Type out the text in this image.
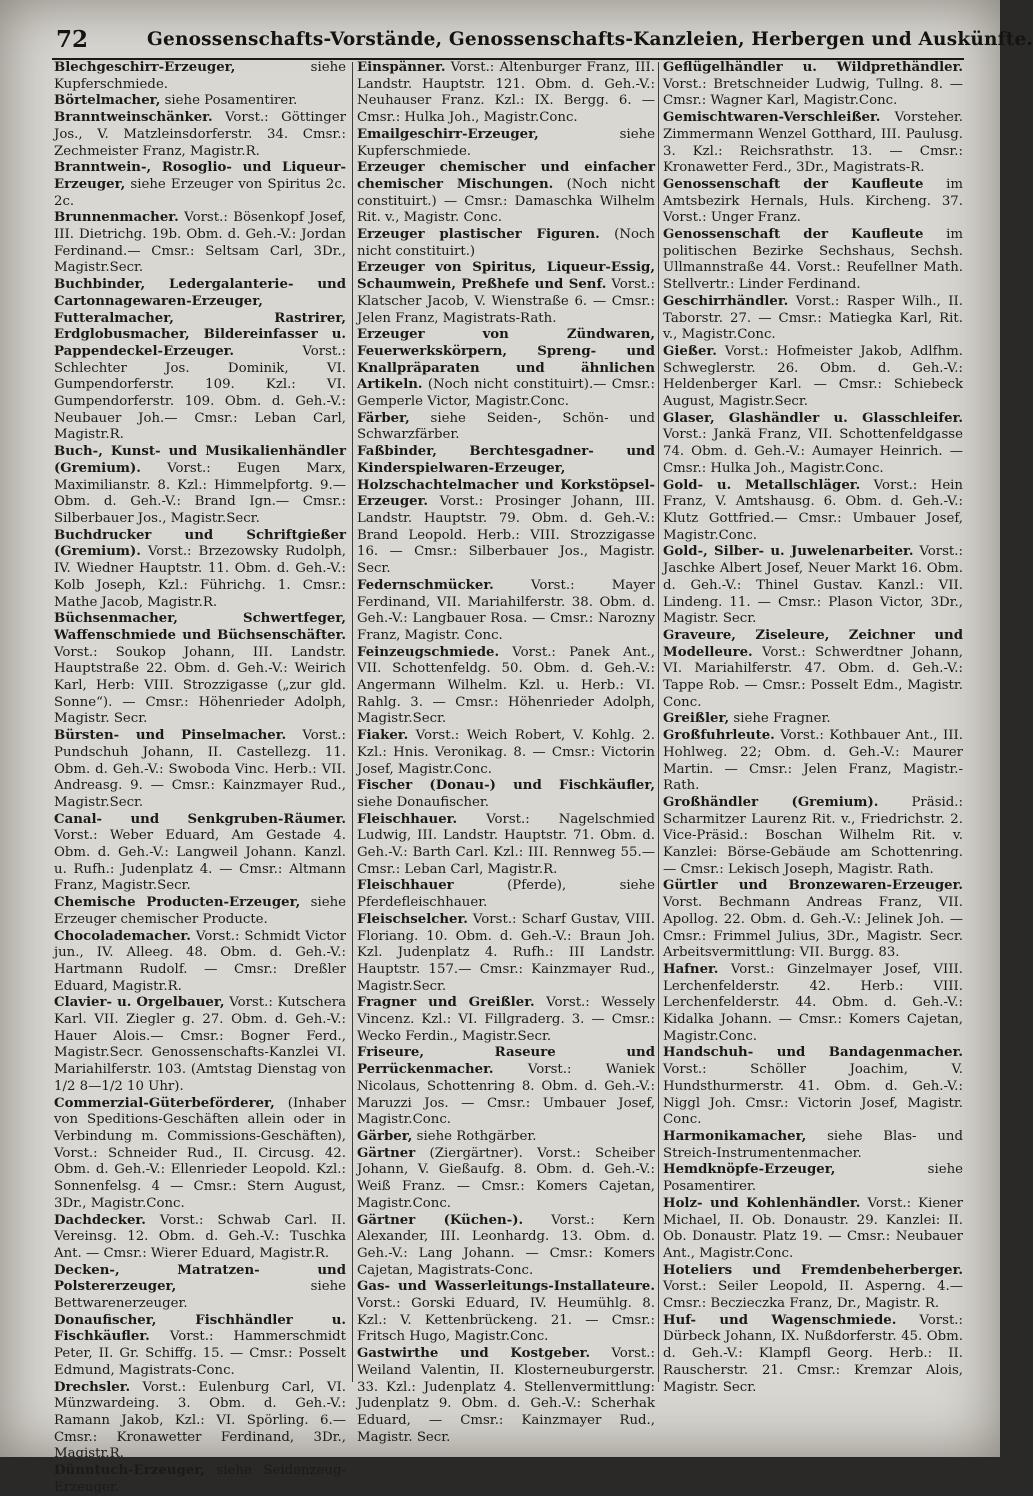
72	Genossenschafts-Vorstände, Genossenschafts-Kanzleien, Herbergen und Auskünfte.

Blechgeschirr-Erzeuger, siehe Kupferschmiede.

Börtelmacher, siehe Posamentirer.

Branntweinschänker. Vorst.: Göttinger Jos., V. Matzleinsdorferstr. 34. Cmsr.: Zechmeister Franz, Magistr.R.

Branntwein-, Rosoglio- und Liqueur-Erzeuger, siehe Erzeuger von Spiritus 2c. 2c.

Brunnenmacher. Vorst.: Bösenkopf Josef, III. Dietrichg. 19b. Obm. d. Geh.-V.: Jordan Ferdinand.— Cmsr.: Seltsam Carl, 3Dr., Magistr.Secr.

Buchbinder, Ledergalanterie- und Cartonnagewaren-Erzeuger, Futteralmacher, Rastrirer, Erdglobusmacher, Bildereinfasser u. Pappendeckel-Erzeuger. Vorst.: Schlechter Jos. Dominik, VI. Gumpendorferstr. 109. Kzl.: VI. Gumpendorferstr. 109. Obm. d. Geh.-V.: Neubauer Joh.— Cmsr.: Leban Carl, Magistr.R.

Buch-, Kunst- und Musikalienhändler (Gremium). Vorst.: Eugen Marx, Maximilianstr. 8. Kzl.: Himmelpfortg. 9.— Obm. d. Geh.-V.: Brand Ign.— Cmsr.: Silberbauer Jos., Magistr.Secr.

Buchdrucker und Schriftgießer (Gremium). Vorst.: Brzezowsky Rudolph, IV. Wiedner Hauptstr. 11. Obm. d. Geh.-V.: Kolb Joseph, Kzl.: Führichg. 1. Cmsr.: Mathe Jacob, Magistr.R.

Büchsenmacher, Schwertfeger, Waffenschmiede und Büchsenschäfter. Vorst.: Soukop Johann, III. Landstr. Hauptstraße 22. Obm. d. Geh.-V.: Weirich Karl, Herb: VIII. Strozzigasse („zur gld. Sonne“). — Cmsr.: Höhenrieder Adolph, Magistr. Secr.

Bürsten- und Pinselmacher. Vorst.: Pundschuh Johann, II. Castellezg. 11. Obm. d. Geh.-V.: Swoboda Vinc. Herb.: VII. Andreasg. 9. — Cmsr.: Kainzmayer Rud., Magistr.Secr.

Canal- und Senkgruben-Räumer. Vorst.: Weber Eduard, Am Gestade 4. Obm. d. Geh.-V.: Langweil Johann. Kanzl. u. Rufh.: Judenplatz 4. — Cmsr.: Altmann Franz, Magistr.Secr.

Chemische Producten-Erzeuger, siehe Erzeuger chemischer Producte.

Chocolademacher. Vorst.: Schmidt Victor jun., IV. Alleeg. 48. Obm. d. Geh.-V.: Hartmann Rudolf. — Cmsr.: Dreßler Eduard, Magistr.R.

Clavier- u. Orgelbauer, Vorst.: Kutschera Karl. VII. Ziegler g. 27. Obm. d. Geh.-V.: Hauer Alois.— Cmsr.: Bogner Ferd., Magistr.Secr. Genossenschafts-Kanzlei VI. Mariahilferstr. 103. (Amtstag Dienstag von 1/2 8—1/2 10 Uhr).

Commerzial-Güterbeförderer, (Inhaber von Speditions-Geschäften allein oder in Verbindung m. Commissions-Geschäften), Vorst.: Schneider Rud., II. Circusg. 42. Obm. d. Geh.-V.: Ellenrieder Leopold. Kzl.: Sonnenfelsg. 4 — Cmsr.: Stern August, 3Dr., Magistr.Conc.

Dachdecker. Vorst.: Schwab Carl. II. Vereinsg. 12. Obm. d. Geh.-V.: Tuschka Ant. — Cmsr.: Wierer Eduard, Magistr.R.

Decken-, Matratzen- und Polstererzeuger, siehe Bettwarenerzeuger.

Donaufischer, Fischhändler u. Fischkäufler. Vorst.: Hammerschmidt Peter, II. Gr. Schiffg. 15. — Cmsr.: Posselt Edmund, Magistrats-Conc.

Drechsler. Vorst.: Eulenburg Carl, VI. Münzwardeing. 3. Obm. d. Geh.-V.: Ramann Jakob, Kzl.: VI. Spörling. 6.— Cmsr.: Kronawetter Ferdinand, 3Dr., Magistr.R.

Dünntuch-Erzeuger, siehe Seidenzeug-Erzeuger.

Einspänner. Vorst.: Altenburger Franz, III. Landstr. Hauptstr. 121. Obm. d. Geh.-V.: Neuhauser Franz. Kzl.: IX. Bergg. 6. — Cmsr.: Hulka Joh., Magistr.Conc.

Emailgeschirr-Erzeuger, siehe Kupferschmiede.

Erzeuger chemischer und einfacher chemischer Mischungen. (Noch nicht constituirt.) — Cmsr.: Damaschka Wilhelm Rit. v., Magistr. Conc.

Erzeuger plastischer Figuren. (Noch nicht constituirt.)

Erzeuger von Spiritus, Liqueur-Essig, Schaumwein, Preßhefe und Senf. Vorst.: Klatscher Jacob, V. Wienstraße 6. — Cmsr.: Jelen Franz, Magistrats-Rath.

Erzeuger von Zündwaren, Feuerwerkskörpern, Spreng- und Knallpräparaten und ähnlichen Artikeln. (Noch nicht constituirt).— Cmsr.: Gemperle Victor, Magistr.Conc.

Färber, siehe Seiden-, Schön- und Schwarzfärber.

Faßbinder, Berchtesgadner- und Kinderspielwaren-Erzeuger, Holzschachtelmacher und Korkstöpsel-Erzeuger. Vorst.: Prosinger Johann, III. Landstr. Hauptstr. 79. Obm. d. Geh.-V.: Brand Leopold. Herb.: VIII. Strozzigasse 16. — Cmsr.: Silberbauer Jos., Magistr. Secr.

Federnschmücker. Vorst.: Mayer Ferdinand, VII. Mariahilferstr. 38. Obm. d. Geh.-V.: Langbauer Rosa. — Cmsr.: Narozny Franz, Magistr. Conc.

Feinzeugschmiede. Vorst.: Panek Ant., VII. Schottenfeldg. 50. Obm. d. Geh.-V.: Angermann Wilhelm. Kzl. u. Herb.: VI. Rahlg. 3. — Cmsr.: Höhenrieder Adolph, Magistr.Secr.

Fiaker. Vorst.: Weich Robert, V. Kohlg. 2. Kzl.: Hnis. Veronikag. 8. — Cmsr.: Victorin Josef, Magistr.Conc.

Fischer (Donau-) und Fischkäufler, siehe Donaufischer.

Fleischhauer. Vorst.: Nagelschmied Ludwig, III. Landstr. Hauptstr. 71. Obm. d. Geh.-V.: Barth Carl. Kzl.: III. Rennweg 55.— Cmsr.: Leban Carl, Magistr.R.

Fleischhauer (Pferde), siehe Pferdefleischhauer.

Fleischselcher. Vorst.: Scharf Gustav, VIII. Floriang. 10. Obm. d. Geh.-V.: Braun Joh. Kzl. Judenplatz 4. Rufh.: III Landstr. Hauptstr. 157.— Cmsr.: Kainzmayer Rud., Magistr.Secr.

Fragner und Greißler. Vorst.: Wessely Vincenz. Kzl.: VI. Fillgraderg. 3. — Cmsr.: Wecko Ferdin., Magistr.Secr.

Friseure, Raseure und Perrückenmacher. Vorst.: Waniek Nicolaus, Schottenring 8. Obm. d. Geh.-V.: Maruzzi Jos. — Cmsr.: Umbauer Josef, Magistr.Conc.

Gärber, siehe Rothgärber.

Gärtner (Ziergärtner). Vorst.: Scheiber Johann, V. Gießaufg. 8. Obm. d. Geh.-V.: Weiß Franz. — Cmsr.: Komers Cajetan, Magistr.Conc.

Gärtner (Küchen-). Vorst.: Kern Alexander, III. Leonhardg. 13. Obm. d. Geh.-V.: Lang Johann. — Cmsr.: Komers Cajetan, Magistrats-Conc.

Gas- und Wasserleitungs-Installateure. Vorst.: Gorski Eduard, IV. Heumühlg. 8. Kzl.: V. Kettenbrückeng. 21. — Cmsr.: Fritsch Hugo, Magistr.Conc.

Gastwirthe und Kostgeber. Vorst.: Weiland Valentin, II. Klosterneuburgerstr. 33. Kzl.: Judenplatz 4. Stellenvermittlung: Judenplatz 9. Obm. d. Geh.-V.: Scherhak Eduard, — Cmsr.: Kainzmayer Rud., Magistr. Secr.

Geflügelhändler u. Wildprethändler. Vorst.: Bretschneider Ludwig, Tullng. 8. — Cmsr.: Wagner Karl, Magistr.Conc.

Gemischtwaren-Verschleißer. Vorsteher. Zimmermann Wenzel Gotthard, III. Paulusg. 3. Kzl.: Reichsrathstr. 13. — Cmsr.: Kronawetter Ferd., 3Dr., Magistrats-R.

Genossenschaft der Kaufleute im Amtsbezirk Hernals, Huls. Kircheng. 37. Vorst.: Unger Franz.

Genossenschaft der Kaufleute im politischen Bezirke Sechshaus, Sechsh. Ullmannstraße 44. Vorst.: Reufellner Math. Stellvertr.: Linder Ferdinand.

Geschirrhändler. Vorst.: Rasper Wilh., II. Taborstr. 27. — Cmsr.: Matiegka Karl, Rit. v., Magistr.Conc.

Gießer. Vorst.: Hofmeister Jakob, Adlfhm. Schweglerstr. 26. Obm. d. Geh.-V.: Heldenberger Karl. — Cmsr.: Schiebeck August, Magistr.Secr.

Glaser, Glashändler u. Glasschleifer. Vorst.: Jankä Franz, VII. Schottenfeldgasse 74. Obm. d. Geh.-V.: Aumayer Heinrich. — Cmsr.: Hulka Joh., Magistr.Conc.

Gold- u. Metallschläger. Vorst.: Hein Franz, V. Amtshausg. 6. Obm. d. Geh.-V.: Klutz Gottfried.— Cmsr.: Umbauer Josef, Magistr.Conc.

Gold-, Silber- u. Juwelenarbeiter. Vorst.: Jaschke Albert Josef, Neuer Markt 16. Obm. d. Geh.-V.: Thinel Gustav. Kanzl.: VII. Lindeng. 11. — Cmsr.: Plason Victor, 3Dr., Magistr. Secr.

Graveure, Ziseleure, Zeichner und Modelleure. Vorst.: Schwerdtner Johann, VI. Mariahilferstr. 47. Obm. d. Geh.-V.: Tappe Rob. — Cmsr.: Posselt Edm., Magistr. Conc.

Greißler, siehe Fragner.

Großfuhrleute. Vorst.: Kothbauer Ant., III. Hohlweg. 22; Obm. d. Geh.-V.: Maurer Martin. — Cmsr.: Jelen Franz, Magistr.-Rath.

Großhändler (Gremium). Präsid.: Scharmitzer Laurenz Rit. v., Friedrichstr. 2. Vice-Präsid.: Boschan Wilhelm Rit. v. Kanzlei: Börse-Gebäude am Schottenring. — Cmsr.: Lekisch Joseph, Magistr. Rath.

Gürtler und Bronzewaren-Erzeuger. Vorst. Bechmann Andreas Franz, VII. Apollog. 22. Obm. d. Geh.-V.: Jelinek Joh. — Cmsr.: Frimmel Julius, 3Dr., Magistr. Secr. Arbeitsvermittlung: VII. Burgg. 83.

Hafner. Vorst.: Ginzelmayer Josef, VIII. Lerchenfelderstr. 42. Herb.: VIII. Lerchenfelderstr. 44. Obm. d. Geh.-V.: Kidalka Johann. — Cmsr.: Komers Cajetan, Magistr.Conc.

Handschuh- und Bandagenmacher. Vorst.: Schöller Joachim, V. Hundsthurmerstr. 41. Obm. d. Geh.-V.: Niggl Joh. Cmsr.: Victorin Josef, Magistr. Conc.

Harmonikamacher, siehe Blas- und Streich-Instrumentenmacher.

Hemdknöpfe-Erzeuger, siehe Posamentirer.

Holz- und Kohlenhändler. Vorst.: Kiener Michael, II. Ob. Donaustr. 29. Kanzlei: II. Ob. Donaustr. Platz 19. — Cmsr.: Neubauer Ant., Magistr.Conc.

Hoteliers und Fremdenbeherberger. Vorst.: Seiler Leopold, II. Asperng. 4.— Cmsr.: Beczieczka Franz, Dr., Magistr. R.

Huf- und Wagenschmiede. Vorst.: Dürbeck Johann, IX. Nußdorferstr. 45. Obm. d. Geh.-V.: Klampfl Georg. Herb.: II. Rauscherstr. 21. Cmsr.: Kremzar Alois, Magistr. Secr.
